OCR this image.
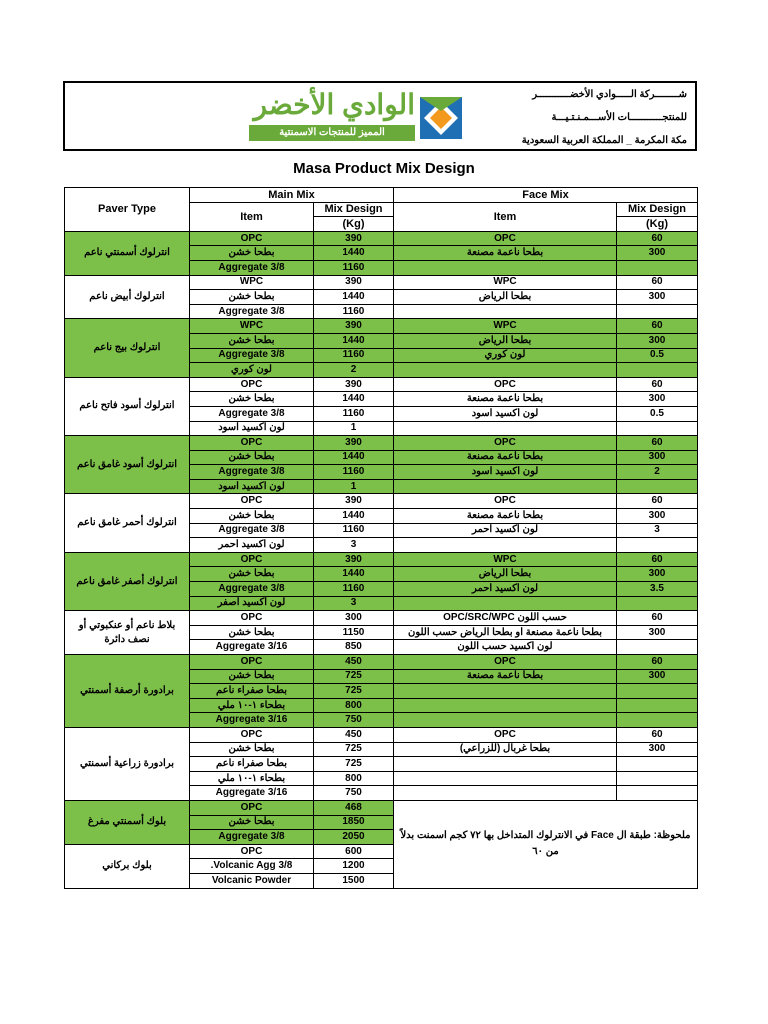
شــــــــركة الـــــوادي الأخضـــــــــــر
للمنتجـــــــــــات الأســـمـنـتـيـــة
مكة المكرمة _ المملكة العربية السعودية
الوادي الأخضر
المميز للمنتجات الاسمنتية
Masa Product Mix Design
Paver Type	Main Mix		Face Mix	
	Item	Mix Design	Item	Mix Design
		(Kg)		(Kg)
انترلوك أسمنتي ناعم	OPC	390	OPC	60
	بطحا خشن	1440	بطحا ناعمة مصنعة	300
	3/8 Aggregate	1160		
انترلوك أبيض ناعم	WPC	390	WPC	60
	بطحا خشن	1440	بطحا الرياض	300
	3/8 Aggregate	1160		
انترلوك بيج ناعم	WPC	390	WPC	60
	بطحا خشن	1440	بطحا الرياض	300
	3/8 Aggregate	1160	لون كوري	0.5
	لون كوري	2		
انترلوك أسود فاتح ناعم	OPC	390	OPC	60
	بطحا خشن	1440	بطحا ناعمة مصنعة	300
	3/8 Aggregate	1160	لون اكسيد اسود	0.5
	لون اكسيد اسود	1		
انترلوك أسود غامق ناعم	OPC	390	OPC	60
	بطحا خشن	1440	بطحا ناعمة مصنعة	300
	3/8 Aggregate	1160	لون اكسيد اسود	2
	لون اكسيد اسود	1		
انترلوك أحمر غامق ناعم	OPC	390	OPC	60
	بطحا خشن	1440	بطحا ناعمة مصنعة	300
	3/8 Aggregate	1160	لون اكسيد احمر	3
	لون اكسيد احمر	3		
انترلوك أصفر غامق ناعم	OPC	390	WPC	60
	بطحا خشن	1440	بطحا الرياض	300
	3/8 Aggregate	1160	لون اكسيد احمر	3.5
	لون اكسيد اصفر	3		
بلاط ناعم أو عنكبوتي أو نصف دائرة	OPC	300	حسب اللون OPC/SRC/WPC	60
	بطحا خشن	1150	بطحا ناعمة مصنعة او بطحا الرياض حسب اللون	300
	3/16 Aggregate	850	لون اكسيد حسب اللون	
برادورة أرصفة أسمنتي	OPC	450	OPC	60
	بطحا خشن	725	بطحا ناعمة مصنعة	300
	بطحا صفراء ناعم	725		
	بطحاء ١-١٠ ملي	800		
	3/16 Aggregate	750		
برادورة زراعية أسمنتي	OPC	450	OPC	60
	بطحا خشن	725	بطحا غربال (للزراعي)	300
	بطحا صفراء ناعم	725		
	بطحاء ١-١٠ ملي	800		
	3/16 Aggregate	750		
بلوك أسمنتي مفرغ	OPC	468	ملحوظة: طبقة ال Face في الانترلوك المتداخل بها ٧٢ كجم اسمنت بدلاً من ٦٠	
	بطحا خشن	1850		
	3/8 Aggregate	2050		
بلوك بركاني	OPC	600		
	3/8 Volcanic Agg.	1200		
	Volcanic Powder	1500		
